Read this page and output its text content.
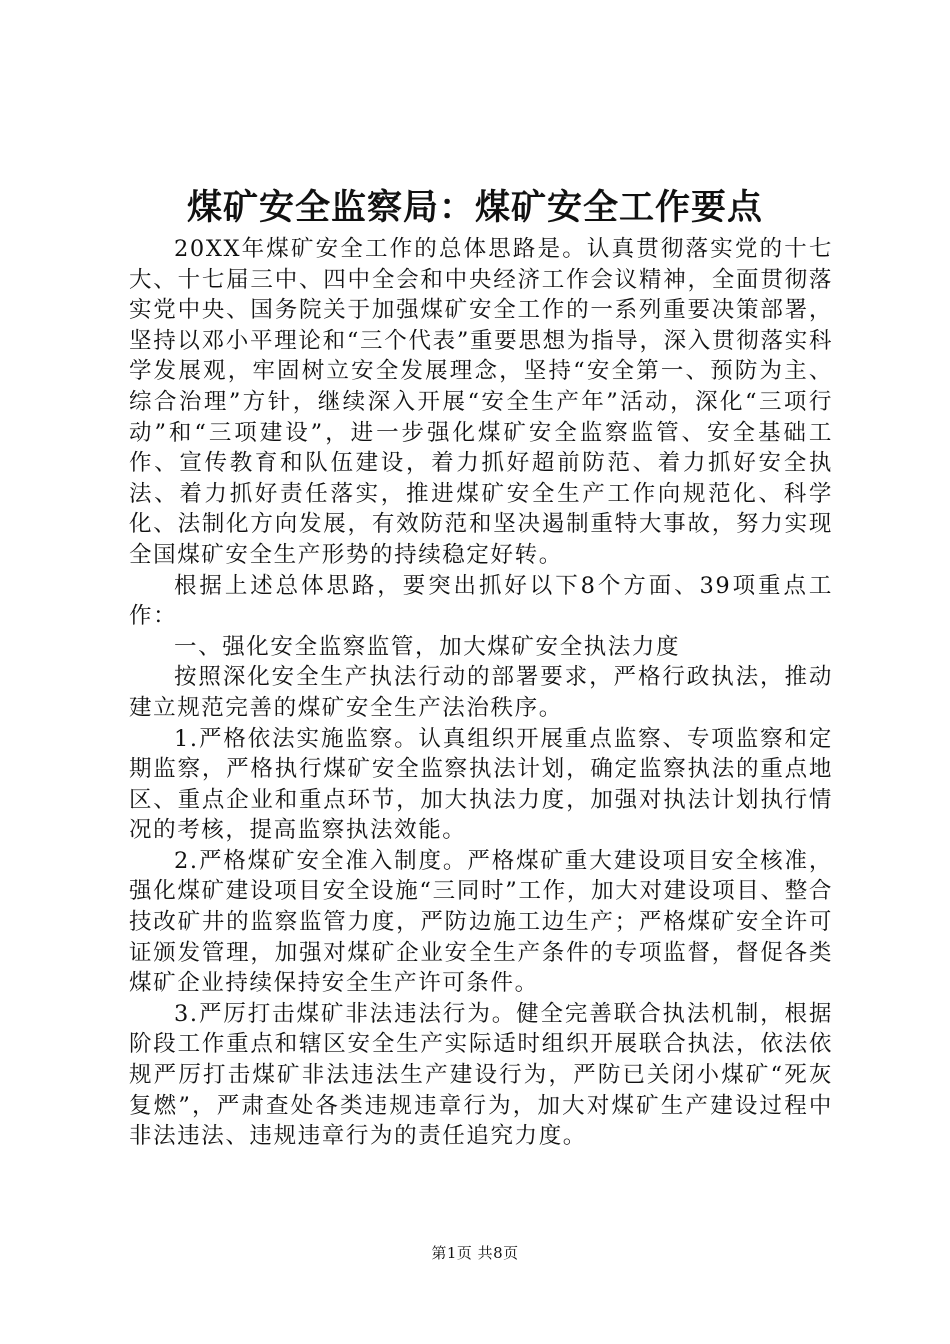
煤矿安全监察局：煤矿安全工作要点

20XX年煤矿安全工作的总体思路是。认真贯彻落实党的十七大、十七届三中、四中全会和中央经济工作会议精神，全面贯彻落实党中央、国务院关于加强煤矿安全工作的一系列重要决策部署，坚持以邓小平理论和“三个代表”重要思想为指导，深入贯彻落实科学发展观，牢固树立安全发展理念，坚持“安全第一、预防为主、综合治理”方针，继续深入开展“安全生产年”活动，深化“三项行动”和“三项建设”，进一步强化煤矿安全监察监管、安全基础工作、宣传教育和队伍建设，着力抓好超前防范、着力抓好安全执法、着力抓好责任落实，推进煤矿安全生产工作向规范化、科学化、法制化方向发展，有效防范和坚决遏制重特大事故，努力实现全国煤矿安全生产形势的持续稳定好转。

根据上述总体思路，要突出抓好以下8个方面、39项重点工作：

一、强化安全监察监管，加大煤矿安全执法力度

按照深化安全生产执法行动的部署要求，严格行政执法，推动建立规范完善的煤矿安全生产法治秩序。

1.严格依法实施监察。认真组织开展重点监察、专项监察和定期监察，严格执行煤矿安全监察执法计划，确定监察执法的重点地区、重点企业和重点环节，加大执法力度，加强对执法计划执行情况的考核，提高监察执法效能。

2.严格煤矿安全准入制度。严格煤矿重大建设项目安全核准，强化煤矿建设项目安全设施“三同时”工作，加大对建设项目、整合技改矿井的监察监管力度，严防边施工边生产；严格煤矿安全许可证颁发管理，加强对煤矿企业安全生产条件的专项监督，督促各类煤矿企业持续保持安全生产许可条件。

3.严厉打击煤矿非法违法行为。健全完善联合执法机制，根据阶段工作重点和辖区安全生产实际适时组织开展联合执法，依法依规严厉打击煤矿非法违法生产建设行为，严防已关闭小煤矿“死灰复燃”，严肃查处各类违规违章行为，加大对煤矿生产建设过程中非法违法、违规违章行为的责任追究力度。

第1页 共8页
